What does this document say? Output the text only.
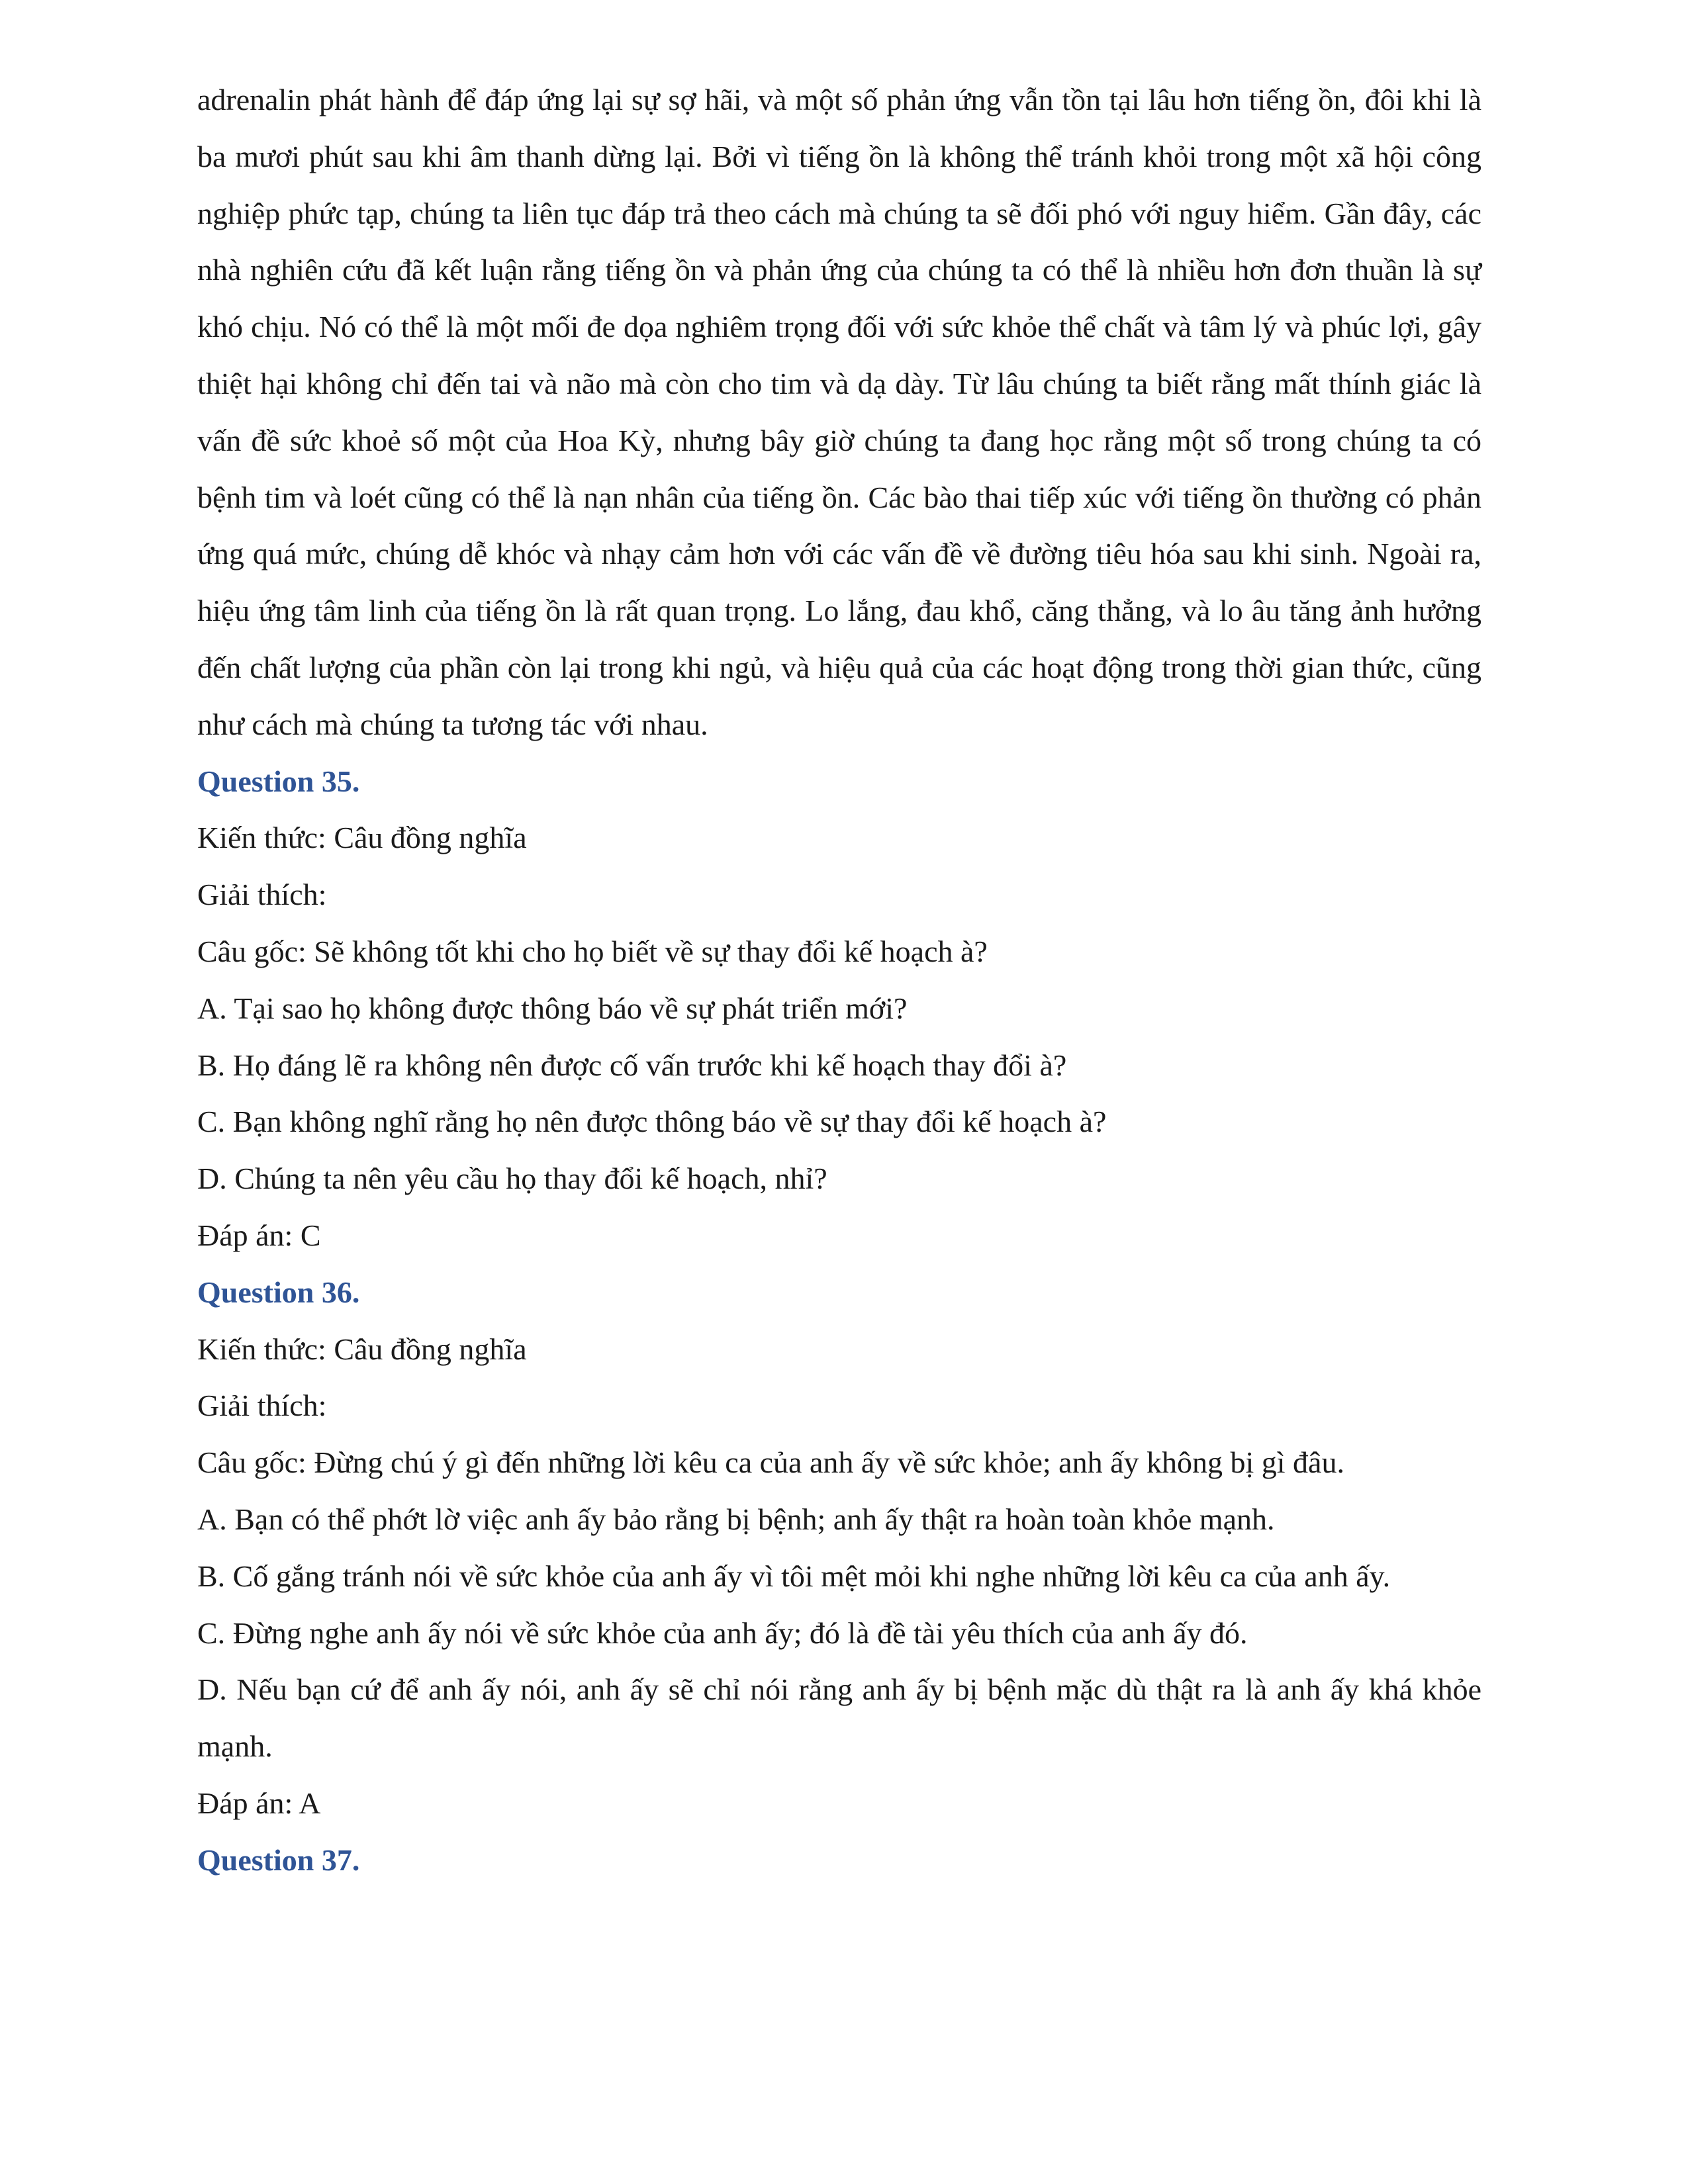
adrenalin phát hành để đáp ứng lại sự sợ hãi, và một số phản ứng vẫn tồn tại lâu hơn tiếng ồn, đôi khi là ba mươi phút sau khi âm thanh dừng lại. Bởi vì tiếng ồn là không thể tránh khỏi trong một xã hội công nghiệp phức tạp, chúng ta liên tục đáp trả theo cách mà chúng ta sẽ đối phó với nguy hiểm. Gần đây, các nhà nghiên cứu đã kết luận rằng tiếng ồn và phản ứng của chúng ta có thể là nhiều hơn đơn thuần là sự khó chịu. Nó có thể là một mối đe dọa nghiêm trọng đối với sức khỏe thể chất và tâm lý và phúc lợi, gây thiệt hại không chỉ đến tai và não mà còn cho tim và dạ dày. Từ lâu chúng ta biết rằng mất thính giác là vấn đề sức khoẻ số một của Hoa Kỳ, nhưng bây giờ chúng ta đang học rằng một số trong chúng ta có bệnh tim và loét cũng có thể là nạn nhân của tiếng ồn. Các bào thai tiếp xúc với tiếng ồn thường có phản ứng quá mức, chúng dễ khóc và nhạy cảm hơn với các vấn đề về đường tiêu hóa sau khi sinh. Ngoài ra, hiệu ứng tâm linh của tiếng ồn là rất quan trọng. Lo lắng, đau khổ, căng thẳng, và lo âu tăng ảnh hưởng đến chất lượng của phần còn lại trong khi ngủ, và hiệu quả của các hoạt động trong thời gian thức, cũng như cách mà chúng ta tương tác với nhau.

Question 35.

Kiến thức: Câu đồng nghĩa

Giải thích:

Câu gốc: Sẽ không tốt khi cho họ biết về sự thay đổi kế hoạch à?

A. Tại sao họ không được thông báo về sự phát triển mới?

B. Họ đáng lẽ ra không nên được cố vấn trước khi kế hoạch thay đổi à?

C. Bạn không nghĩ rằng họ nên được thông báo về sự thay đổi kế hoạch à?

D. Chúng ta nên yêu cầu họ thay đổi kế hoạch, nhỉ?

Đáp án: C

Question 36.

Kiến thức: Câu đồng nghĩa

Giải thích:

Câu gốc: Đừng chú ý gì đến những lời kêu ca của anh ấy về sức khỏe; anh ấy không bị gì đâu.

A. Bạn có thể phớt lờ việc anh ấy bảo rằng bị bệnh; anh ấy thật ra hoàn toàn khỏe mạnh.

B. Cố gắng tránh nói về sức khỏe của anh ấy vì tôi mệt mỏi khi nghe những lời kêu ca của anh ấy.

C. Đừng nghe anh ấy nói về sức khỏe của anh ấy; đó là đề tài yêu thích của anh ấy đó.

D. Nếu bạn cứ để anh ấy nói, anh ấy sẽ chỉ nói rằng anh ấy bị bệnh mặc dù thật ra là anh ấy khá khỏe mạnh.

Đáp án: A

Question 37.
